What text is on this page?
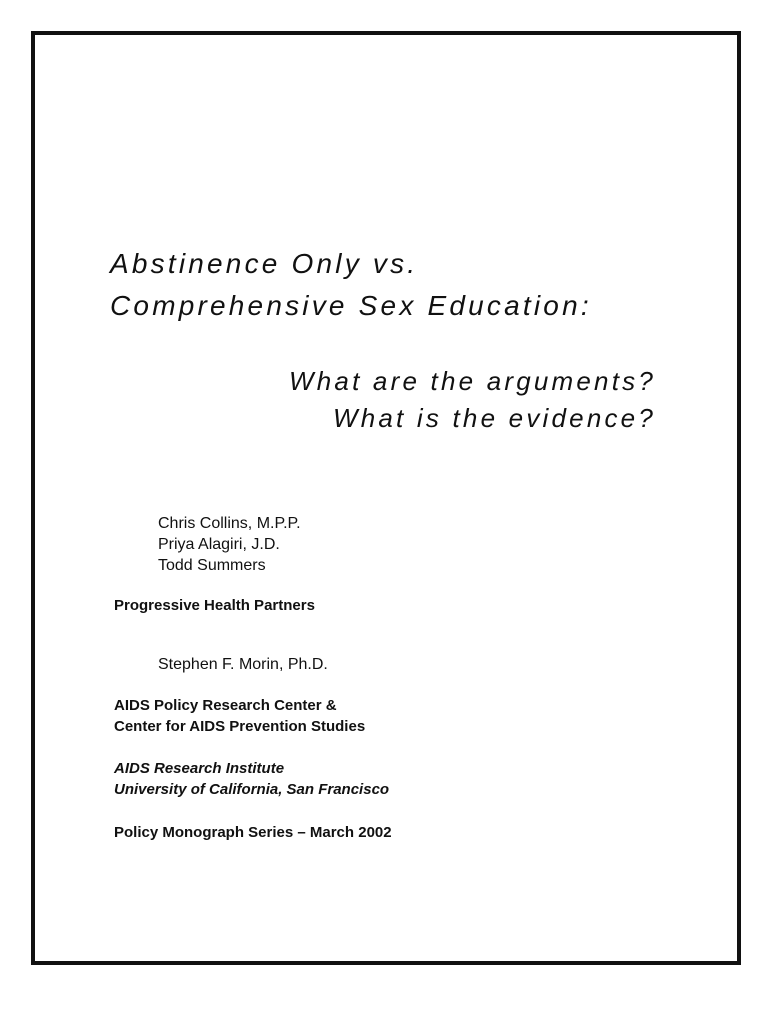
Abstinence Only vs.
Comprehensive Sex Education:
What are the arguments?
What is the evidence?
Chris Collins, M.P.P.
Priya Alagiri, J.D.
Todd Summers
Progressive Health Partners
Stephen F. Morin, Ph.D.
AIDS Policy Research Center &
Center for AIDS Prevention Studies
AIDS Research Institute
University of California, San Francisco
Policy Monograph Series – March 2002
